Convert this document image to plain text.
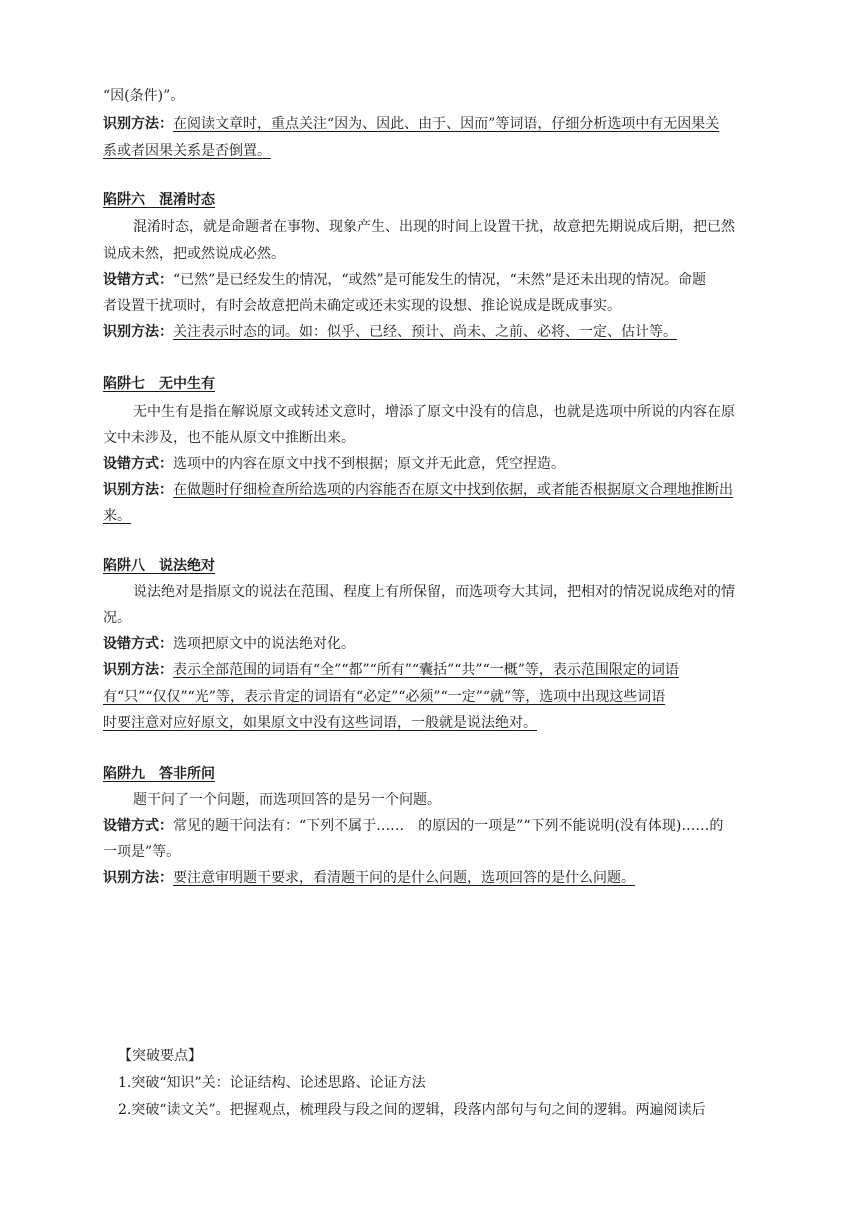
“因(条件)”。
识别方法：在阅读文章时，重点关注“因为、因此、由于、因而”等词语，仔细分析选项中有无因果关
系或者因果关系是否倒置。
陷阱六　混淆时态
混淆时态，就是命题者在事物、现象产生、出现的时间上设置干扰，故意把先期说成后期，把已然
说成未然，把或然说成必然。
设错方式：“已然”是已经发生的情况，“或然”是可能发生的情况，“未然”是还未出现的情况。命题
者设置干扰项时，有时会故意把尚未确定或还未实现的设想、推论说成是既成事实。
识别方法：关注表示时态的词。如：似乎、已经、预计、尚未、之前、必将、一定、估计等。
陷阱七　无中生有
无中生有是指在解说原文或转述文意时，增添了原文中没有的信息，也就是选项中所说的内容在原
文中未涉及，也不能从原文中推断出来。
设错方式：选项中的内容在原文中找不到根据；原文并无此意，凭空捏造。
识别方法：在做题时仔细检查所给选项的内容能否在原文中找到依据，或者能否根据原文合理地推断出
来。
陷阱八　说法绝对
说法绝对是指原文的说法在范围、程度上有所保留，而选项夸大其词，把相对的情况说成绝对的情
况。
设错方式：选项把原文中的说法绝对化。
识别方法：表示全部范围的词语有“全”“都”“所有”“囊括”“共”“一概”等，表示范围限定的词语
有“只”“仅仅”“光”等，表示肯定的词语有“必定”“必须”“一定”“就”等，选项中出现这些词语
时要注意对应好原文，如果原文中没有这些词语，一般就是说法绝对。
陷阱九　答非所问
题干问了一个问题，而选项回答的是另一个问题。
设错方式：常见的题干问法有：“下列不属于……　的原因的一项是”“下列不能说明(没有体现)……的
一项是”等。
识别方法：要注意审明题干要求，看清题干问的是什么问题，选项回答的是什么问题。
【突破要点】
1.突破“知识”关：论证结构、论述思路、论证方法
2.突破“读文关”。把握观点，梳理段与段之间的逻辑，段落内部句与句之间的逻辑。两遍阅读后
